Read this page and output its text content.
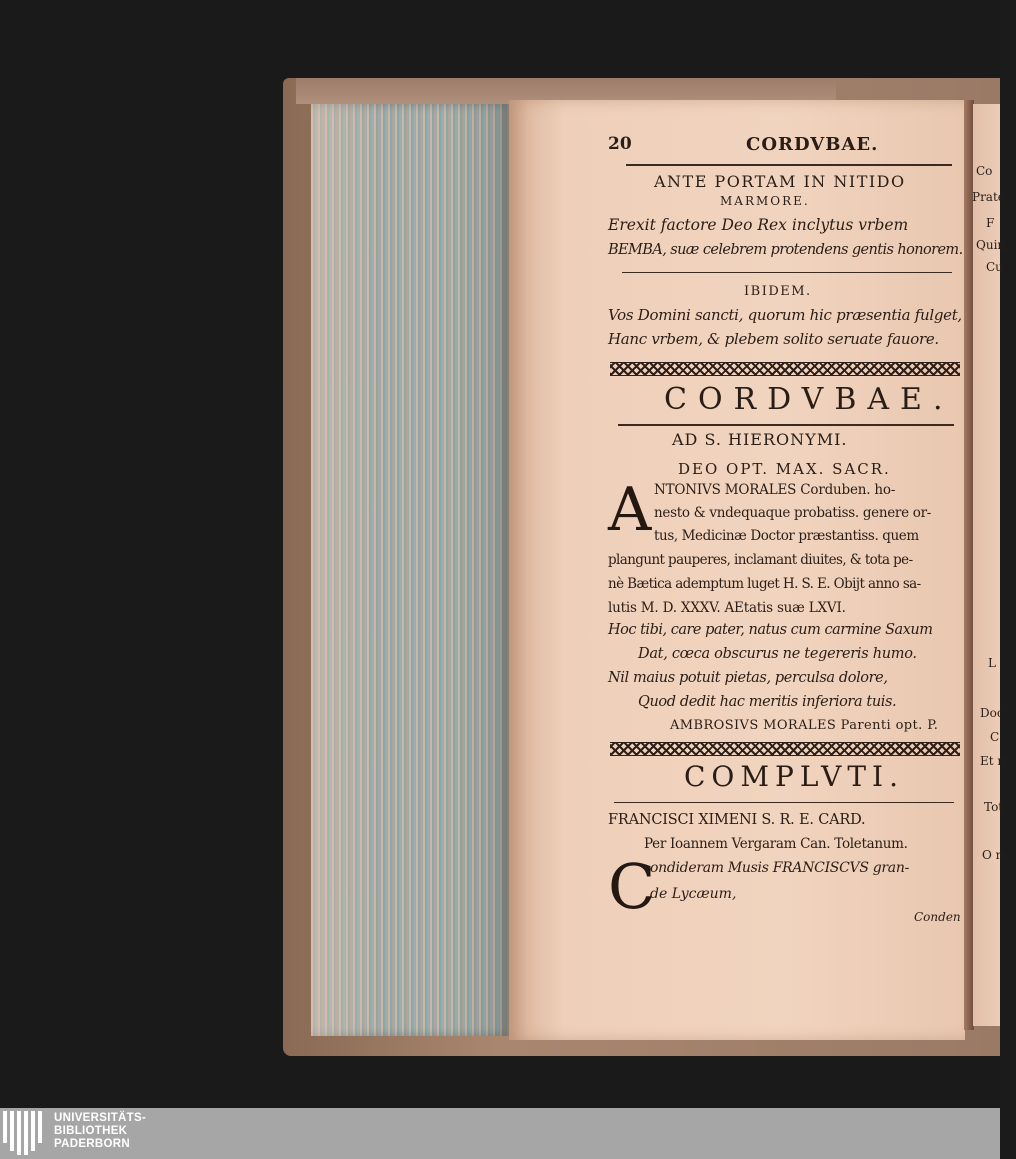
Co
Prate
F
Quin
Cu
L
Doc
C
Et n
Tot
O m
20	CORDVBAE.
ANTE PORTAM IN NITIDO
MARMORE.
Erexit factore Deo Rex inclytus vrbem
BEMBA, suæ celebrem protendens gentis honorem.
IBIDEM.
Vos Domini sancti, quorum hic præsentia fulget,
Hanc vrbem, & plebem solito seruate fauore.
CORDVBAE.
AD S. HIERONYMI.
DEO OPT. MAX. SACR.
A NTONIVS MORALES Corduben. ho-
nesto & vndequaque probatiss. genere or-
tus, Medicinæ Doctor præstantiss. quem
plangunt pauperes, inclamant diuites, & tota pe-
nè Bætica ademptum luget H. S. E. Obijt anno sa-
lutis M. D. XXXV. AEtatis suæ LXVI.
Hoc tibi, care pater, natus cum carmine Saxum
Dat, cœca obscurus ne tegereris humo.
Nil maius potuit pietas, perculsa dolore,
Quod dedit hac meritis inferiora tuis.
AMBROSIVS MORALES Parenti opt. P.
COMPLVTI.
FRANCISCI XIMENI S. R. E. CARD.
Per Ioannem Vergaram Can. Toletanum.
C
ondideram Musis FRANCISCVS gran-
de Lycæum,
Conden
UNIVERSITÄTS-
BIBLIOTHEK
PADERBORN
